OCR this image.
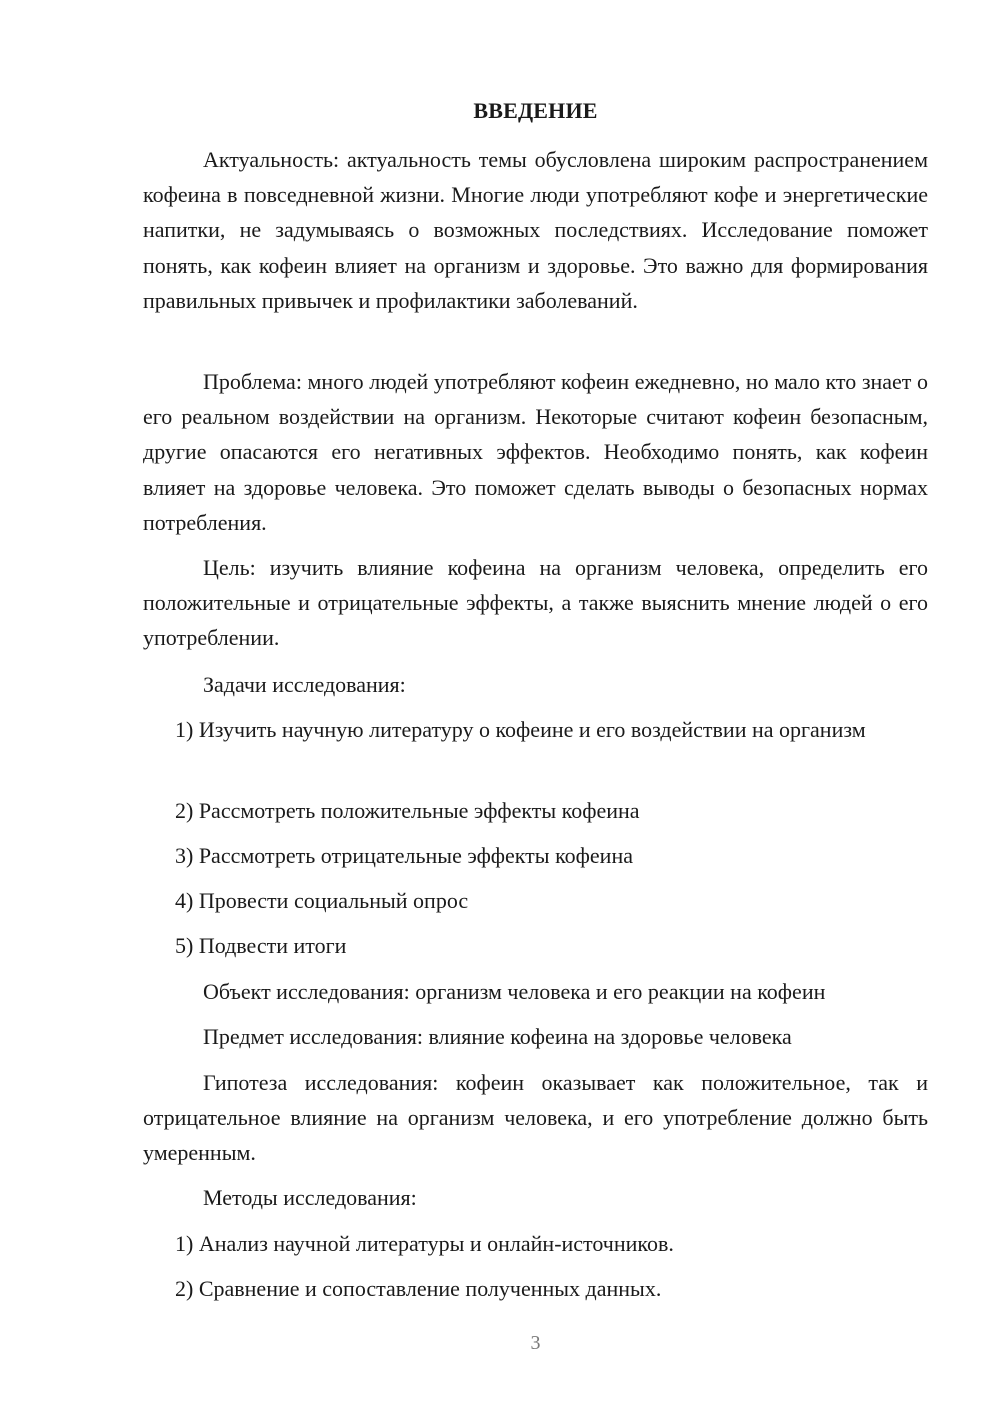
ВВЕДЕНИЕ

Актуальность: актуальность темы обусловлена широким распространением кофеина в повседневной жизни. Многие люди употребляют кофе и энергетические напитки, не задумываясь о возможных последствиях. Исследование поможет понять, как кофеин влияет на организм и здоровье. Это важно для формирования правильных привычек и профилактики заболеваний.

Проблема: много людей употребляют кофеин ежедневно, но мало кто знает о его реальном воздействии на организм. Некоторые считают кофеин безопасным, другие опасаются его негативных эффектов. Необходимо понять, как кофеин влияет на здоровье человека. Это поможет сделать выводы о безопасных нормах потребления.

Цель: изучить влияние кофеина на организм человека, определить его положительные и отрицательные эффекты, а также выяснить мнение людей о его употреблении.

Задачи исследования:

1) Изучить научную литературу о кофеине и его воздействии на организм

2) Рассмотреть положительные эффекты кофеина

3) Рассмотреть отрицательные эффекты кофеина

4) Провести социальный опрос

5) Подвести итоги

Объект исследования: организм человека и его реакции на кофеин

Предмет исследования: влияние кофеина на здоровье человека

Гипотеза исследования: кофеин оказывает как положительное, так и отрицательное влияние на организм человека, и его употребление должно быть умеренным.

Методы исследования:

1) Анализ научной литературы и онлайн-источников.

2) Сравнение и сопоставление полученных данных.

3
